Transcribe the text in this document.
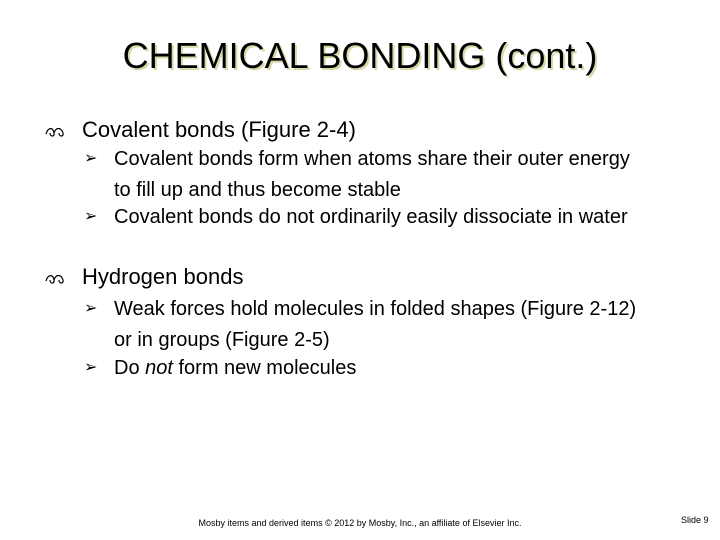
CHEMICAL BONDING (cont.)
Covalent bonds (Figure 2-4)
➢ Covalent bonds form when atoms share their outer energy to fill up and thus become stable
➢ Covalent bonds do not ordinarily easily dissociate in water
Hydrogen bonds
➢ Weak forces hold molecules in folded shapes (Figure 2-12) or in groups (Figure 2-5)
➢ Do not form new molecules
Mosby items and derived items © 2012 by Mosby, Inc., an affiliate of Elsevier Inc.	Slide 9
